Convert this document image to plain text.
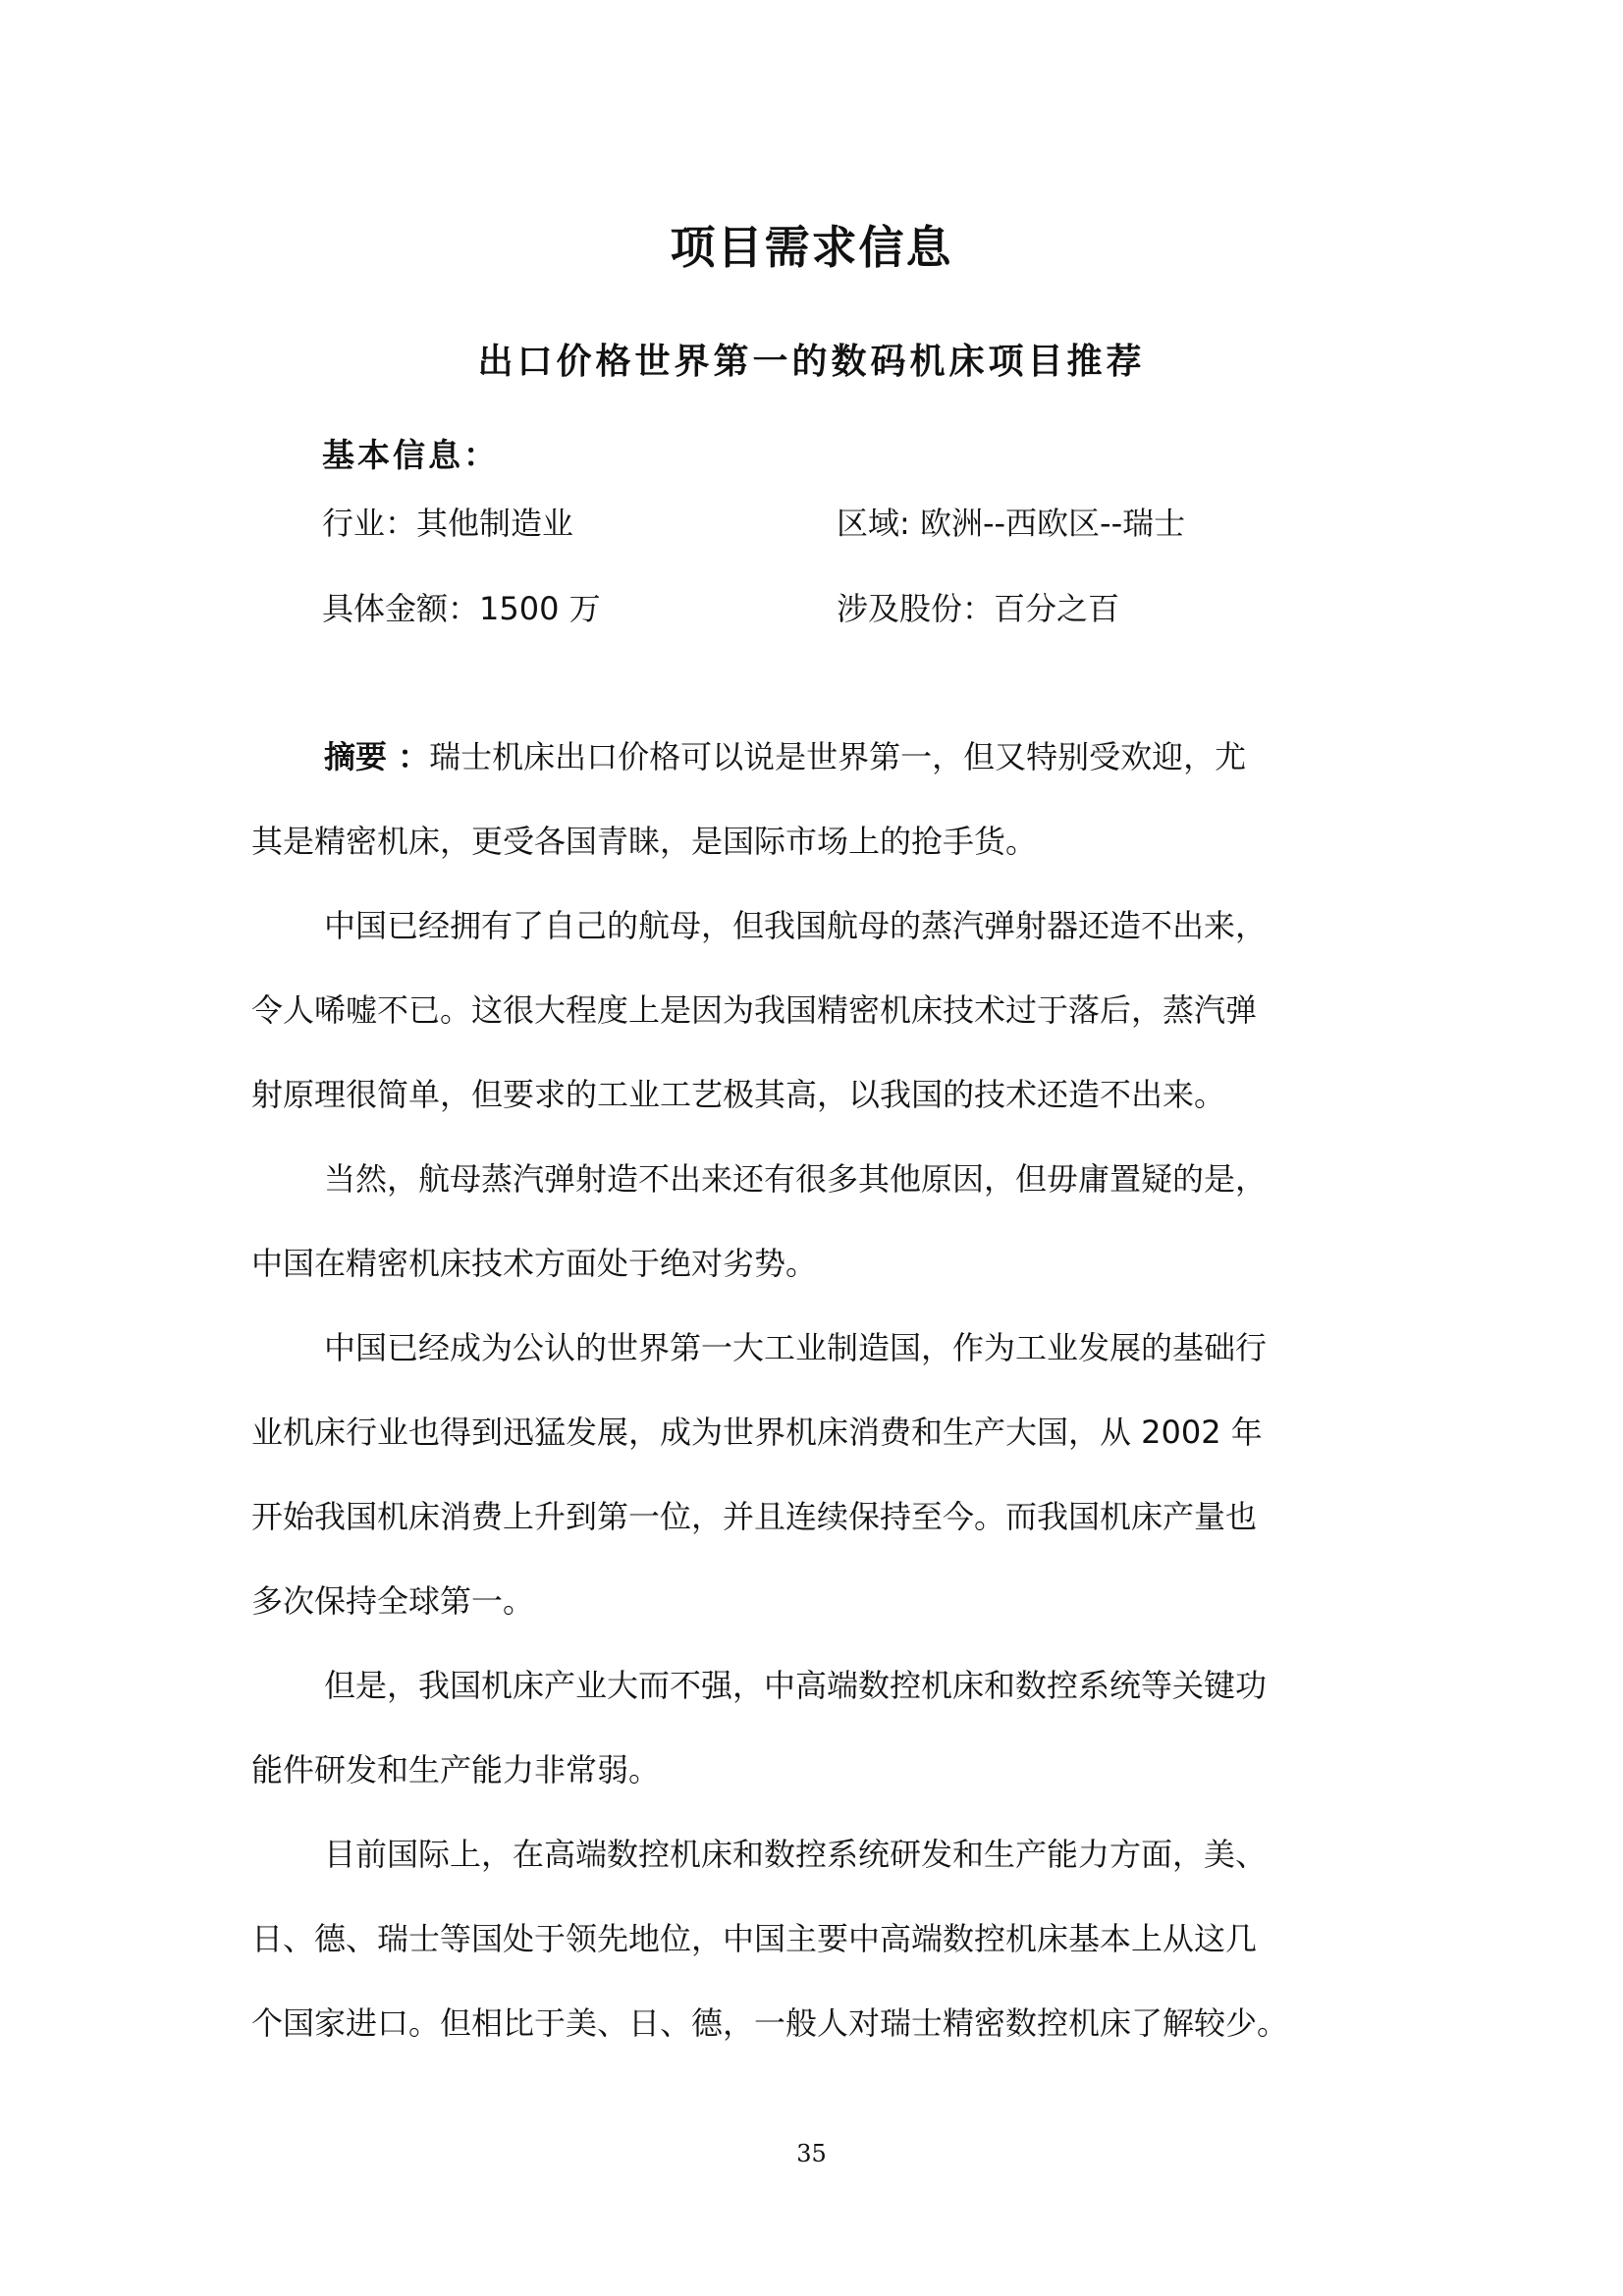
项目需求信息
出口价格世界第一的数码机床项目推荐
基本信息：
行业：其他制造业	区域: 欧洲--西欧区--瑞士
具体金额：1500 万	涉及股份：百分之百
摘要 ：瑞士机床出口价格可以说是世界第一，但又特别受欢迎，尤
其是精密机床，更受各国青睐，是国际市场上的抢手货。
中国已经拥有了自己的航母，但我国航母的蒸汽弹射器还造不出来，
令人唏嘘不已。这很大程度上是因为我国精密机床技术过于落后，蒸汽弹
射原理很简单，但要求的工业工艺极其高，以我国的技术还造不出来。
当然，航母蒸汽弹射造不出来还有很多其他原因，但毋庸置疑的是，
中国在精密机床技术方面处于绝对劣势。
中国已经成为公认的世界第一大工业制造国，作为工业发展的基础行
业机床行业也得到迅猛发展，成为世界机床消费和生产大国，从 2002 年
开始我国机床消费上升到第一位，并且连续保持至今。而我国机床产量也
多次保持全球第一。
但是，我国机床产业大而不强，中高端数控机床和数控系统等关键功
能件研发和生产能力非常弱。
目前国际上，在高端数控机床和数控系统研发和生产能力方面，美、
日、德、瑞士等国处于领先地位，中国主要中高端数控机床基本上从这几
个国家进口。但相比于美、日、德，一般人对瑞士精密数控机床了解较少。
35
